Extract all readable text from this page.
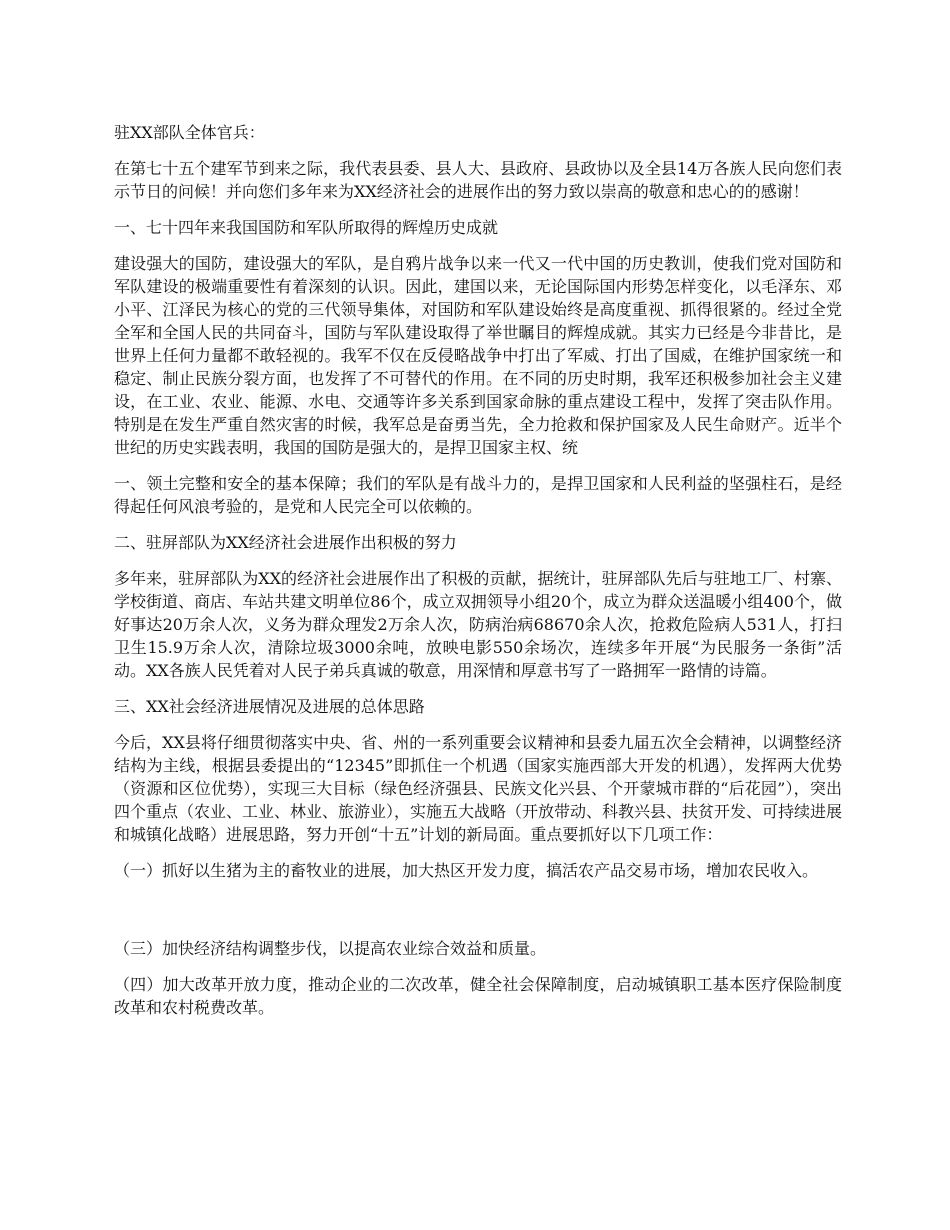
驻XX部队全体官兵：

在第七十五个建军节到来之际，我代表县委、县人大、县政府、县政协以及全县14万各族人民向您们表示节日的问候！并向您们多年来为XX经济社会的进展作出的努力致以崇高的敬意和忠心的的感谢！

一、七十四年来我国国防和军队所取得的辉煌历史成就

建设强大的国防，建设强大的军队，是自鸦片战争以来一代又一代中国的历史教训，使我们党对国防和军队建设的极端重要性有着深刻的认识。因此，建国以来，无论国际国内形势怎样变化，以毛泽东、邓小平、江泽民为核心的党的三代领导集体，对国防和军队建设始终是高度重视、抓得很紧的。经过全党全军和全国人民的共同奋斗，国防与军队建设取得了举世瞩目的辉煌成就。其实力已经是今非昔比，是世界上任何力量都不敢轻视的。我军不仅在反侵略战争中打出了军威、打出了国威，在维护国家统一和稳定、制止民族分裂方面，也发挥了不可替代的作用。在不同的历史时期，我军还积极参加社会主义建设，在工业、农业、能源、水电、交通等许多关系到国家命脉的重点建设工程中，发挥了突击队作用。特别是在发生严重自然灾害的时候，我军总是奋勇当先，全力抢救和保护国家及人民生命财产。近半个世纪的历史实践表明，我国的国防是强大的，是捍卫国家主权、统

一、领土完整和安全的基本保障；我们的军队是有战斗力的，是捍卫国家和人民利益的坚强柱石，是经得起任何风浪考验的，是党和人民完全可以依赖的。

二、驻屏部队为XX经济社会进展作出积极的努力

多年来，驻屏部队为XX的经济社会进展作出了积极的贡献，据统计，驻屏部队先后与驻地工厂、村寨、学校街道、商店、车站共建文明单位86个，成立双拥领导小组20个，成立为群众送温暖小组400个，做好事达20万余人次，义务为群众理发2万余人次，防病治病68670余人次，抢救危险病人531人，打扫卫生15.9万余人次，清除垃圾3000余吨，放映电影550余场次，连续多年开展“为民服务一条街”活动。XX各族人民凭着对人民子弟兵真诚的敬意，用深情和厚意书写了一路拥军一路情的诗篇。

三、XX社会经济进展情况及进展的总体思路

今后，XX县将仔细贯彻落实中央、省、州的一系列重要会议精神和县委九届五次全会精神，以调整经济结构为主线，根据县委提出的“12345”即抓住一个机遇（国家实施西部大开发的机遇），发挥两大优势（资源和区位优势），实现三大目标（绿色经济强县、民族文化兴县、个开蒙城市群的“后花园”），突出四个重点（农业、工业、林业、旅游业），实施五大战略（开放带动、科教兴县、扶贫开发、可持续进展和城镇化战略）进展思路，努力开创“十五”计划的新局面。重点要抓好以下几项工作：

（一）抓好以生猪为主的畜牧业的进展，加大热区开发力度，搞活农产品交易市场，增加农民收入。

（三）加快经济结构调整步伐，以提高农业综合效益和质量。

（四）加大改革开放力度，推动企业的二次改革，健全社会保障制度，启动城镇职工基本医疗保险制度改革和农村税费改革。
